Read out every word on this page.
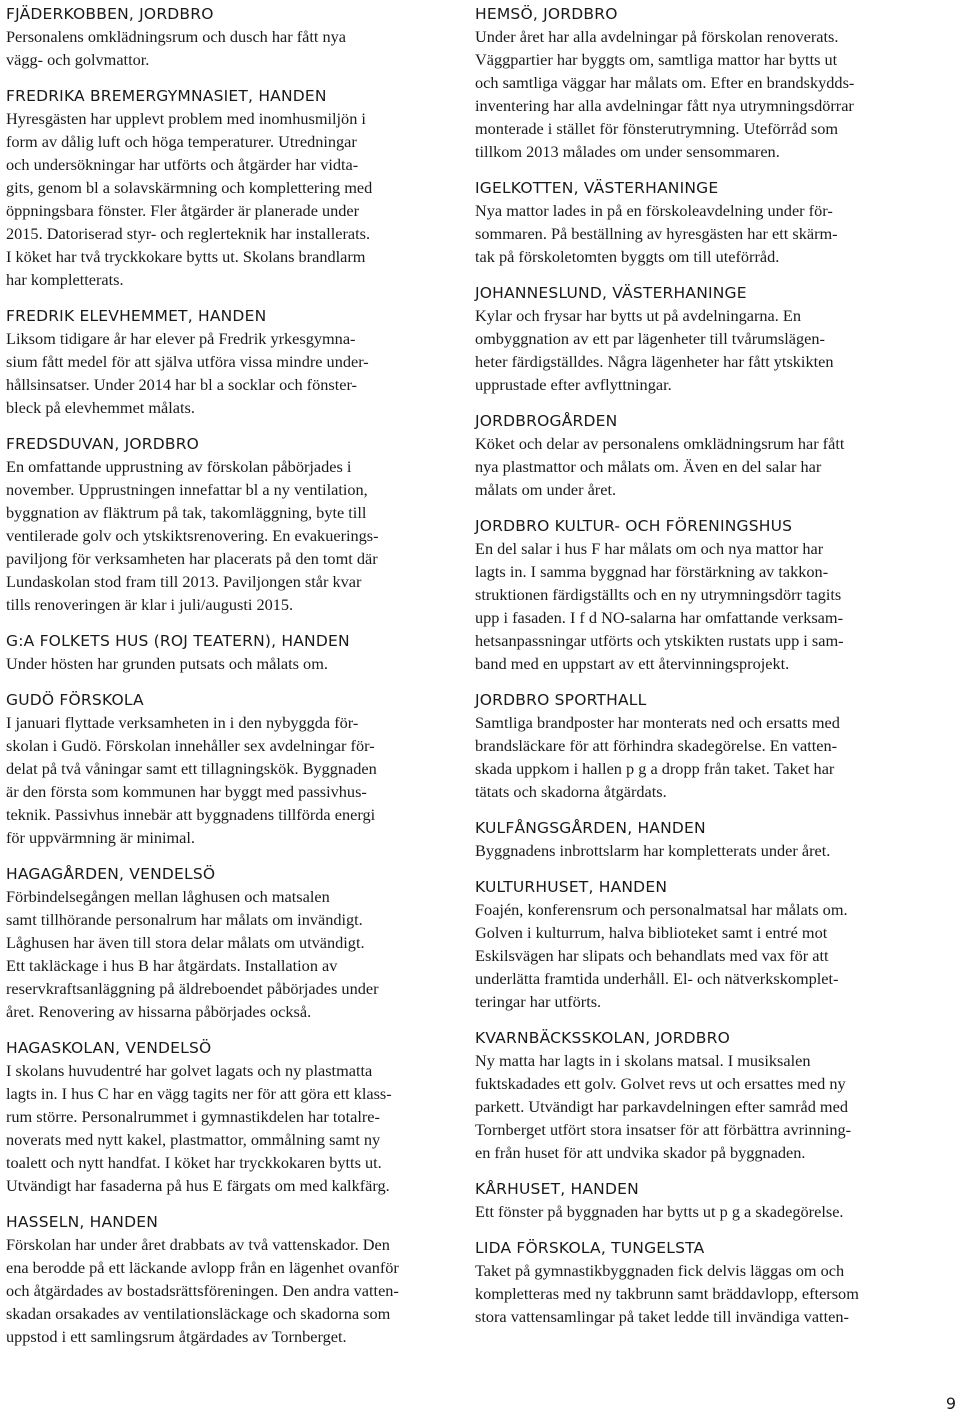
FJÄDERKOBBEN, JORDBRO
Personalens omklädningsrum och dusch har fått nya
vägg- och golvmattor.
FREDRIKA BREMERGYMNASIET, HANDEN
Hyresgästen har upplevt problem med inomhusmiljön i
form av dålig luft och höga temperaturer. Utredningar
och undersökningar har utförts och åtgärder har vidta-
gits, genom bl a solavskärmning och komplettering med
öppningsbara fönster. Fler åtgärder är planerade under
2015. Datoriserad styr- och reglerteknik har installerats.
I köket har två tryckkokare bytts ut. Skolans brandlarm
har kompletterats.
FREDRIK ELEVHEMMET, HANDEN
Liksom tidigare år har elever på Fredrik yrkesgymna-
sium fått medel för att själva utföra vissa mindre under-
hållsinsatser. Under 2014 har bl a socklar och fönster-
bleck på elevhemmet målats.
FREDSDUVAN, JORDBRO
En omfattande upprustning av förskolan påbörjades i
november. Upprustningen innefattar bl a ny ventilation,
byggnation av fläktrum på tak, takomläggning, byte till
ventilerade golv och ytskiktsrenovering. En evakuerings-
paviljong för verksamheten har placerats på den tomt där
Lundaskolan stod fram till 2013. Paviljongen står kvar
tills renoveringen är klar i juli/augusti 2015.
G:A FOLKETS HUS (ROJ TEATERN), HANDEN
Under hösten har grunden putsats och målats om.
GUDÖ FÖRSKOLA
I januari flyttade verksamheten in i den nybyggda för-
skolan i Gudö. Förskolan innehåller sex avdelningar för-
delat på två våningar samt ett tillagningskök. Byggnaden
är den första som kommunen har byggt med passivhus-
teknik. Passivhus innebär att byggnadens tillförda energi
för uppvärmning är minimal.
HAGAGÅRDEN, VENDELSÖ
Förbindelsegången mellan låghusen och matsalen
samt tillhörande personalrum har målats om invändigt.
Låghusen har även till stora delar målats om utvändigt.
Ett takläckage i hus B har åtgärdats. Installation av
reservkraftsanläggning på äldreboendet påbörjades under
året. Renovering av hissarna påbörjades också.
HAGASKOLAN, VENDELSÖ
I skolans huvudentré har golvet lagats och ny plastmatta
lagts in. I hus C har en vägg tagits ner för att göra ett klass-
rum större. Personalrummet i gymnastikdelen har totalre-
noverats med nytt kakel, plastmattor, ommålning samt ny
toalett och nytt handfat. I köket har tryckkokaren bytts ut.
Utvändigt har fasaderna på hus E färgats om med kalkfärg.
HASSELN, HANDEN
Förskolan har under året drabbats av två vattenskador. Den
ena berodde på ett läckande avlopp från en lägenhet ovanför
och åtgärdades av bostadsrättsföreningen. Den andra vatten-
skadan orsakades av ventilationsläckage och skadorna som
uppstod i ett samlingsrum åtgärdades av Tornberget.
HEMSÖ, JORDBRO
Under året har alla avdelningar på förskolan renoverats.
Väggpartier har byggts om, samtliga mattor har bytts ut
och samtliga väggar har målats om. Efter en brandskydds-
inventering har alla avdelningar fått nya utrymningsdörrar
monterade i stället för fönsterutrymning. Uteförråd som
tillkom 2013 målades om under sensommaren.
IGELKOTTEN, VÄSTERHANINGE
Nya mattor lades in på en förskoleavdelning under för-
sommaren. På beställning av hyresgästen har ett skärm-
tak på förskoletomten byggts om till uteförråd.
JOHANNESLUND, VÄSTERHANINGE
Kylar och frysar har bytts ut på avdelningarna. En
ombyggnation av ett par lägenheter till tvårumslägen-
heter färdigställdes. Några lägenheter har fått ytskikten
upprustade efter avflyttningar.
JORDBROGÅRDEN
Köket och delar av personalens omklädningsrum har fått
nya plastmattor och målats om. Även en del salar har
målats om under året.
JORDBRO KULTUR- OCH FÖRENINGSHUS
En del salar i hus F har målats om och nya mattor har
lagts in. I samma byggnad har förstärkning av takkon-
struktionen färdigställts och en ny utrymningsdörr tagits
upp i fasaden. I f d NO-salarna har omfattande verksam-
hetsanpassningar utförts och ytskikten rustats upp i sam-
band med en uppstart av ett återvinningsprojekt.
JORDBRO SPORTHALL
Samtliga brandposter har monterats ned och ersatts med
brandsläckare för att förhindra skadegörelse. En vatten-
skada uppkom i hallen p g a dropp från taket. Taket har
tätats och skadorna åtgärdats.
KULFÅNGSGÅRDEN, HANDEN
Byggnadens inbrottslarm har kompletterats under året.
KULTURHUSET, HANDEN
Foajén, konferensrum och personalmatsal har målats om.
Golven i kulturrum, halva biblioteket samt i entré mot
Eskilsvägen har slipats och behandlats med vax för att
underlätta framtida underhåll. El- och nätverkskomplet-
teringar har utförts.
KVARNBÄCKSSKOLAN, JORDBRO
Ny matta har lagts in i skolans matsal. I musiksalen
fuktskadades ett golv. Golvet revs ut och ersattes med ny
parkett. Utvändigt har parkavdelningen efter samråd med
Tornberget utfört stora insatser för att förbättra avrinning-
en från huset för att undvika skador på byggnaden.
KÅRHUSET, HANDEN
Ett fönster på byggnaden har bytts ut p g a skadegörelse.
LIDA FÖRSKOLA, TUNGELSTA
Taket på gymnastikbyggnaden fick delvis läggas om och
kompletteras med ny takbrunn samt bräddavlopp, eftersom
stora vattensamlingar på taket ledde till invändiga vatten-
9
